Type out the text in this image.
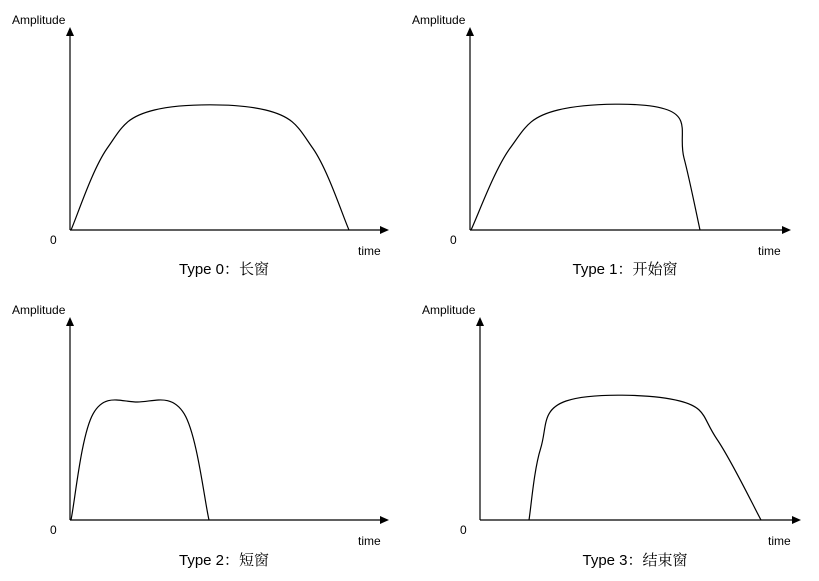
Amplitude
time
0
Type 0：长窗
Amplitude
time
0
Type 1：开始窗
Amplitude
time
0
Type 2：短窗
Amplitude
time
0
Type 3：结束窗
